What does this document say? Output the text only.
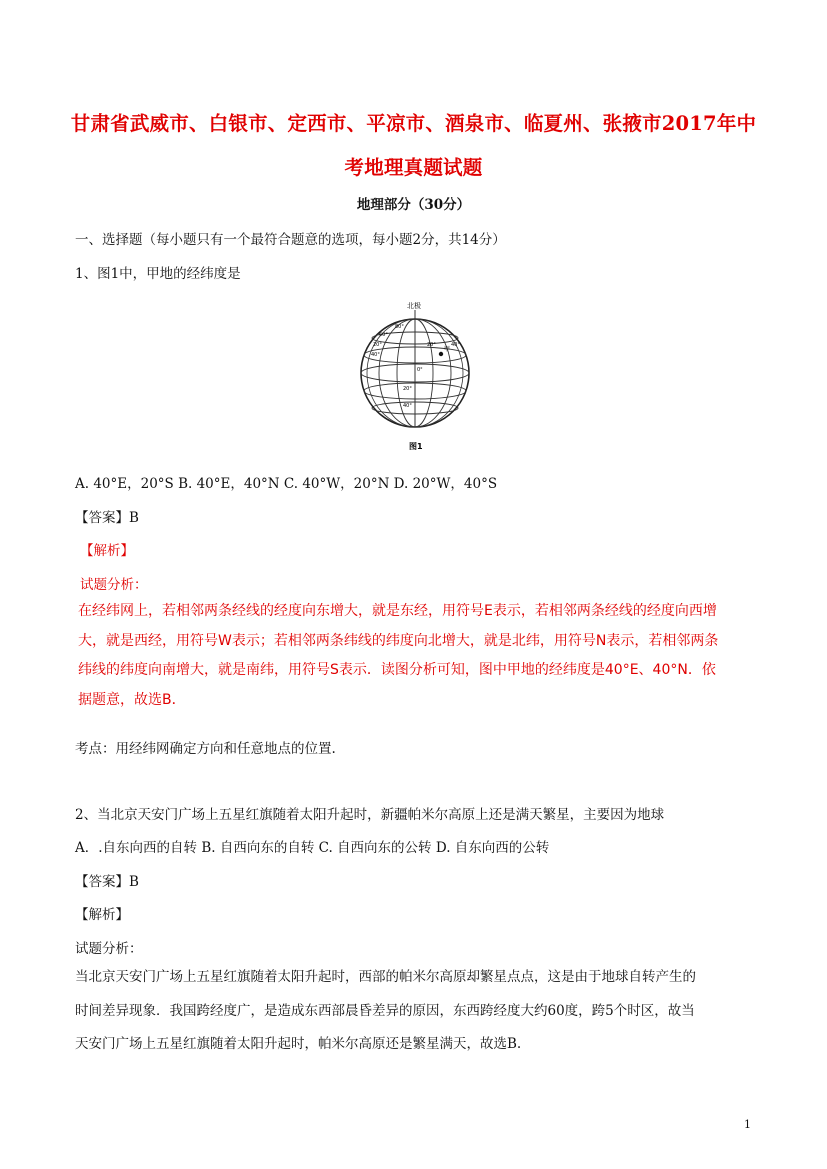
甘肃省武威市、白银市、定西市、平凉市、酒泉市、临夏州、张掖市2017年中
考地理真题试题
地理部分（30分）
一、选择题（每小题只有一个最符合题意的选项，每小题2分，共14分）
1、图1中，甲地的经纬度是
北极
甲
20°
40°
60°
80°
20°	40°
0°
20°
40°
图1
A. 40°E，20°S B. 40°E，40°N C. 40°W，20°N D. 20°W，40°S
【答案】B
【解析】
试题分析：
在经纬网上，若相邻两条经线的经度向东增大，就是东经，用符号E表示，若相邻两条经线的经度向西增
大，就是西经，用符号W表示；若相邻两条纬线的纬度向北增大，就是北纬，用符号N表示，若相邻两条
纬线的纬度向南增大，就是南纬，用符号S表示．读图分析可知，图中甲地的经纬度是40°E、40°N．依
据题意，故选B．
考点：用经纬网确定方向和任意地点的位置.
2、当北京天安门广场上五星红旗随着太阳升起时，新疆帕米尔高原上还是满天繁星，主要因为地球
A．.自东向西的自转 B. 自西向东的自转 C. 自西向东的公转 D. 自东向西的公转
【答案】B
【解析】
试题分析：
当北京天安门广场上五星红旗随着太阳升起时，西部的帕米尔高原却繁星点点，这是由于地球自转产生的
时间差异现象．我国跨经度广，是造成东西部晨昏差异的原因，东西跨经度大约60度，跨5个时区，故当
天安门广场上五星红旗随着太阳升起时，帕米尔高原还是繁星满天，故选B.
1
